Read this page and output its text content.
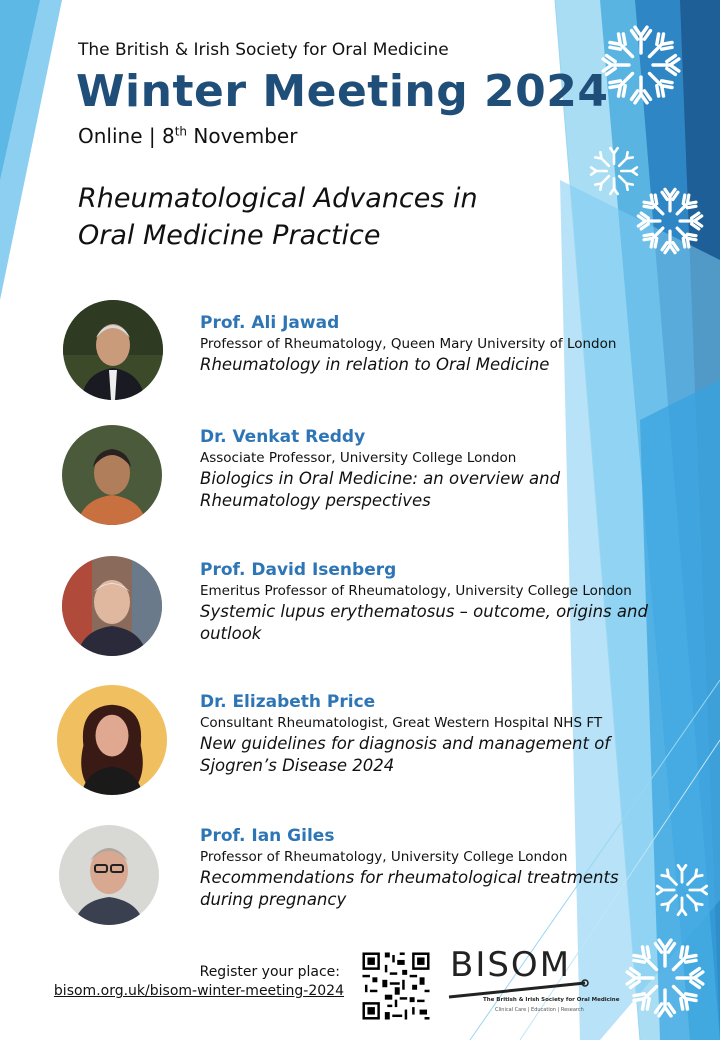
The British & Irish Society for Oral Medicine
Winter Meeting 2024
Online | 8th November
Rheumatological Advances in
Oral Medicine Practice
Prof. Ali Jawad
Professor of Rheumatology, Queen Mary University of London
Rheumatology in relation to Oral Medicine
Dr. Venkat Reddy
Associate Professor, University College London
Biologics in Oral Medicine: an overview and Rheumatology perspectives
Prof. David Isenberg
Emeritus Professor of Rheumatology, University College London
Systemic lupus erythematosus – outcome, origins and outlook
Dr. Elizabeth Price
Consultant Rheumatologist, Great Western Hospital NHS FT
New guidelines for diagnosis and management of Sjogren’s Disease 2024
Prof. Ian Giles
Professor of Rheumatology, University College London
Recommendations for rheumatological treatments during pregnancy
Register your place:
bisom.org.uk/bisom-winter-meeting-2024
BISOM
The British & Irish Society for Oral Medicine
Clinical Care | Education | Research
